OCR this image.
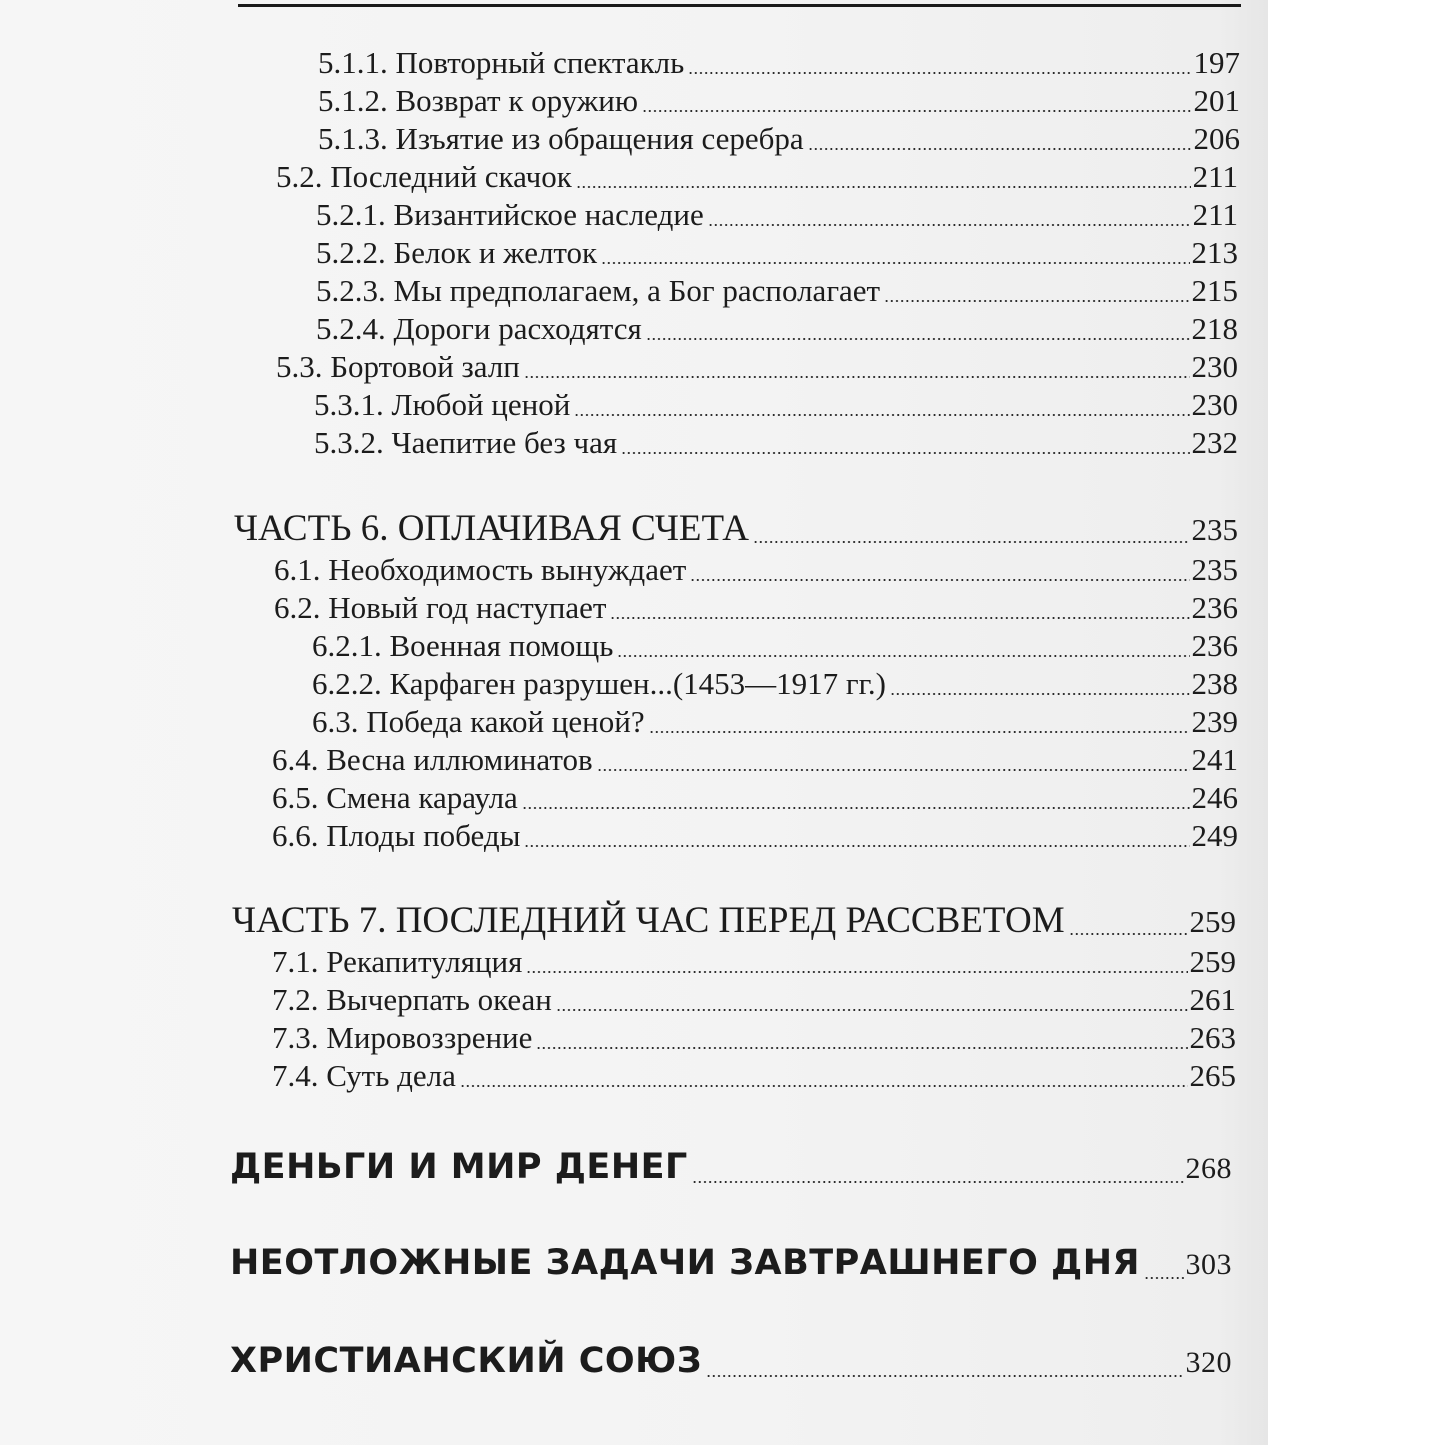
5.1.1. Повторный спектакль	197
5.1.2. Возврат к оружию	201
5.1.3. Изъятие из обращения серебра	206
5.2. Последний скачок	211
5.2.1. Византийское наследие	211
5.2.2. Белок и желток	213
5.2.3. Мы предполагаем, а Бог располагает	215
5.2.4. Дороги расходятся	218
5.3. Бортовой залп	230
5.3.1. Любой ценой	230
5.3.2. Чаепитие без чая	232
ЧАСТЬ 6. ОПЛАЧИВАЯ СЧЕТА	235
6.1. Необходимость вынуждает	235
6.2. Новый год наступает	236
6.2.1. Военная помощь	236
6.2.2. Карфаген разрушен...(1453—1917 гг.)	238
6.3. Победа какой ценой?	239
6.4. Весна иллюминатов	241
6.5. Смена караула	246
6.6. Плоды победы	249
ЧАСТЬ 7. ПОСЛЕДНИЙ ЧАС ПЕРЕД РАССВЕТОМ	259
7.1. Рекапитуляция	259
7.2. Вычерпать океан	261
7.3. Мировоззрение	263
7.4. Суть дела	265
ДЕНЬГИ И МИР ДЕНЕГ	268
НЕОТЛОЖНЫЕ ЗАДАЧИ ЗАВТРАШНЕГО ДНЯ 303
ХРИСТИАНСКИЙ СОЮЗ	320
